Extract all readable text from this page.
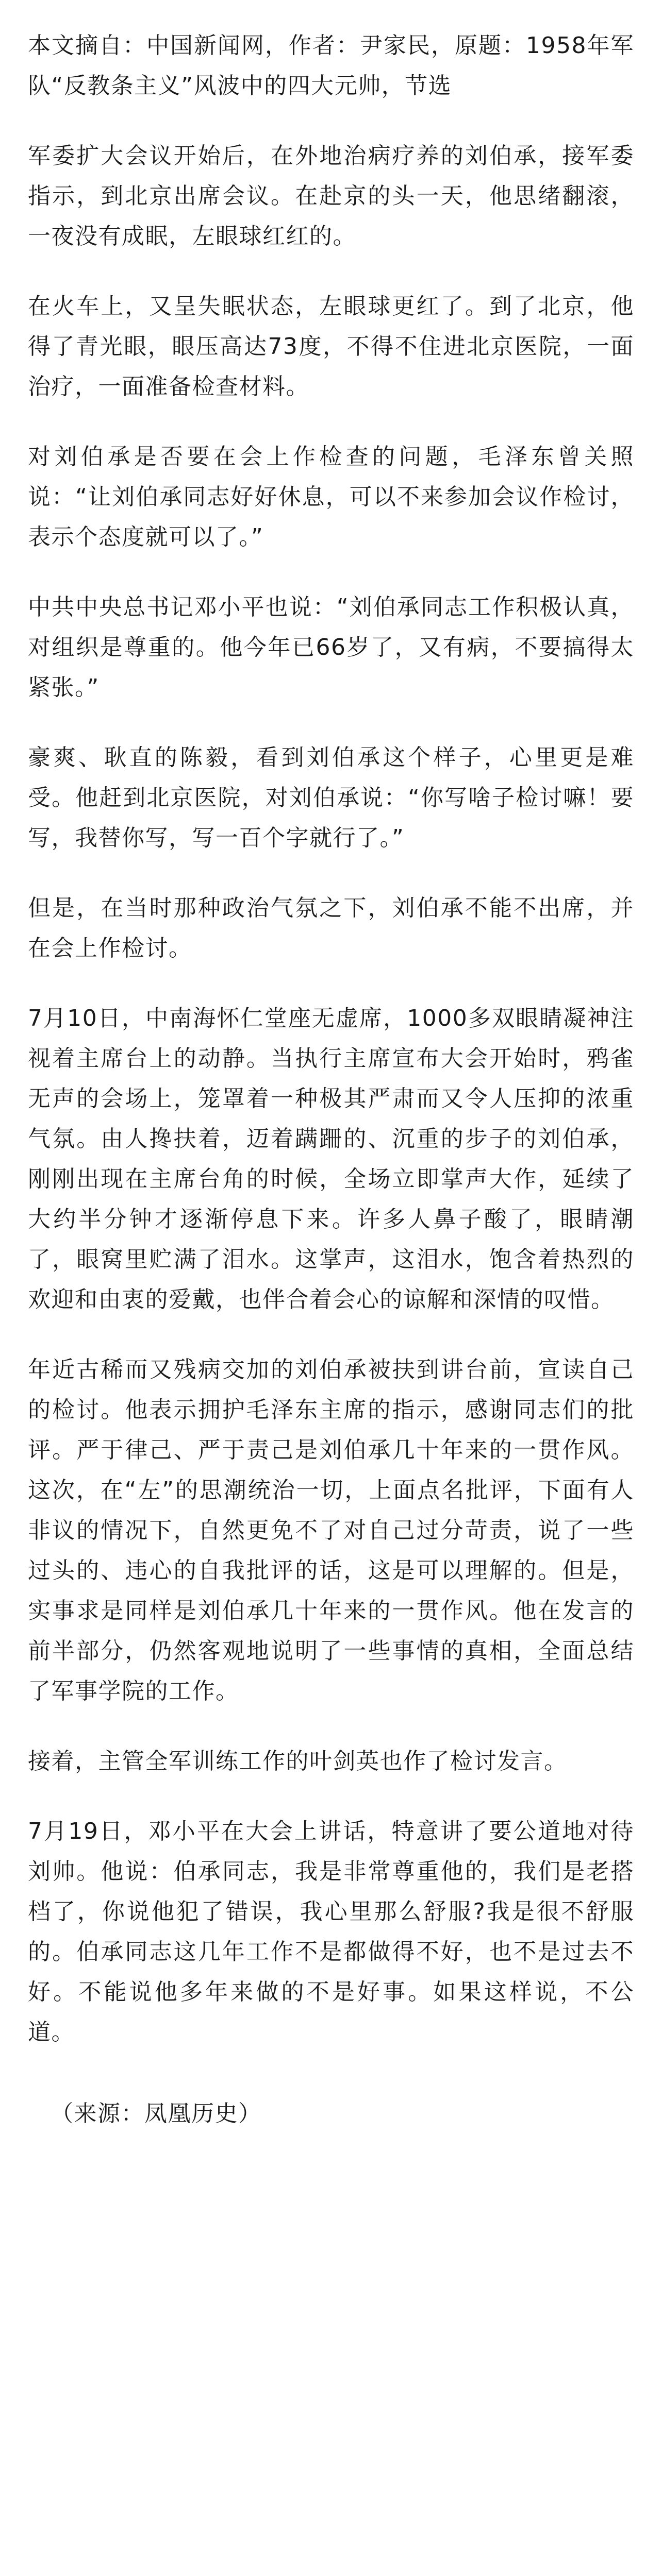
本文摘自：中国新闻网，作者：尹家民，原题：1958年军队“反教条主义”风波中的四大元帅，节选

军委扩大会议开始后，在外地治病疗养的刘伯承，接军委指示，到北京出席会议。在赴京的头一天，他思绪翻滚，一夜没有成眠，左眼球红红的。

在火车上，又呈失眠状态，左眼球更红了。到了北京，他得了青光眼，眼压高达73度，不得不住进北京医院，一面治疗，一面准备检查材料。

对刘伯承是否要在会上作检查的问题，毛泽东曾关照说：“让刘伯承同志好好休息，可以不来参加会议作检讨，表示个态度就可以了。”

中共中央总书记邓小平也说：“刘伯承同志工作积极认真，对组织是尊重的。他今年已66岁了，又有病，不要搞得太紧张。”

豪爽、耿直的陈毅，看到刘伯承这个样子，心里更是难受。他赶到北京医院，对刘伯承说：“你写啥子检讨嘛！要写，我替你写，写一百个字就行了。”

但是，在当时那种政治气氛之下，刘伯承不能不出席，并在会上作检讨。

7月10日，中南海怀仁堂座无虚席，1000多双眼睛凝神注视着主席台上的动静。当执行主席宣布大会开始时，鸦雀无声的会场上，笼罩着一种极其严肃而又令人压抑的浓重气氛。由人搀扶着，迈着蹒跚的、沉重的步子的刘伯承，刚刚出现在主席台角的时候，全场立即掌声大作，延续了大约半分钟才逐渐停息下来。许多人鼻子酸了，眼睛潮了，眼窝里贮满了泪水。这掌声，这泪水，饱含着热烈的欢迎和由衷的爱戴，也伴合着会心的谅解和深情的叹惜。

年近古稀而又残病交加的刘伯承被扶到讲台前，宣读自己的检讨。他表示拥护毛泽东主席的指示，感谢同志们的批评。严于律己、严于责己是刘伯承几十年来的一贯作风。这次，在“左”的思潮统治一切，上面点名批评，下面有人非议的情况下，自然更免不了对自己过分苛责，说了一些过头的、违心的自我批评的话，这是可以理解的。但是，实事求是同样是刘伯承几十年来的一贯作风。他在发言的前半部分，仍然客观地说明了一些事情的真相，全面总结了军事学院的工作。

接着，主管全军训练工作的叶剑英也作了检讨发言。

7月19日，邓小平在大会上讲话，特意讲了要公道地对待刘帅。他说：伯承同志，我是非常尊重他的，我们是老搭档了，你说他犯了错误，我心里那么舒服?我是很不舒服的。伯承同志这几年工作不是都做得不好，也不是过去不好。不能说他多年来做的不是好事。如果这样说，不公道。

（来源：凤凰历史）
